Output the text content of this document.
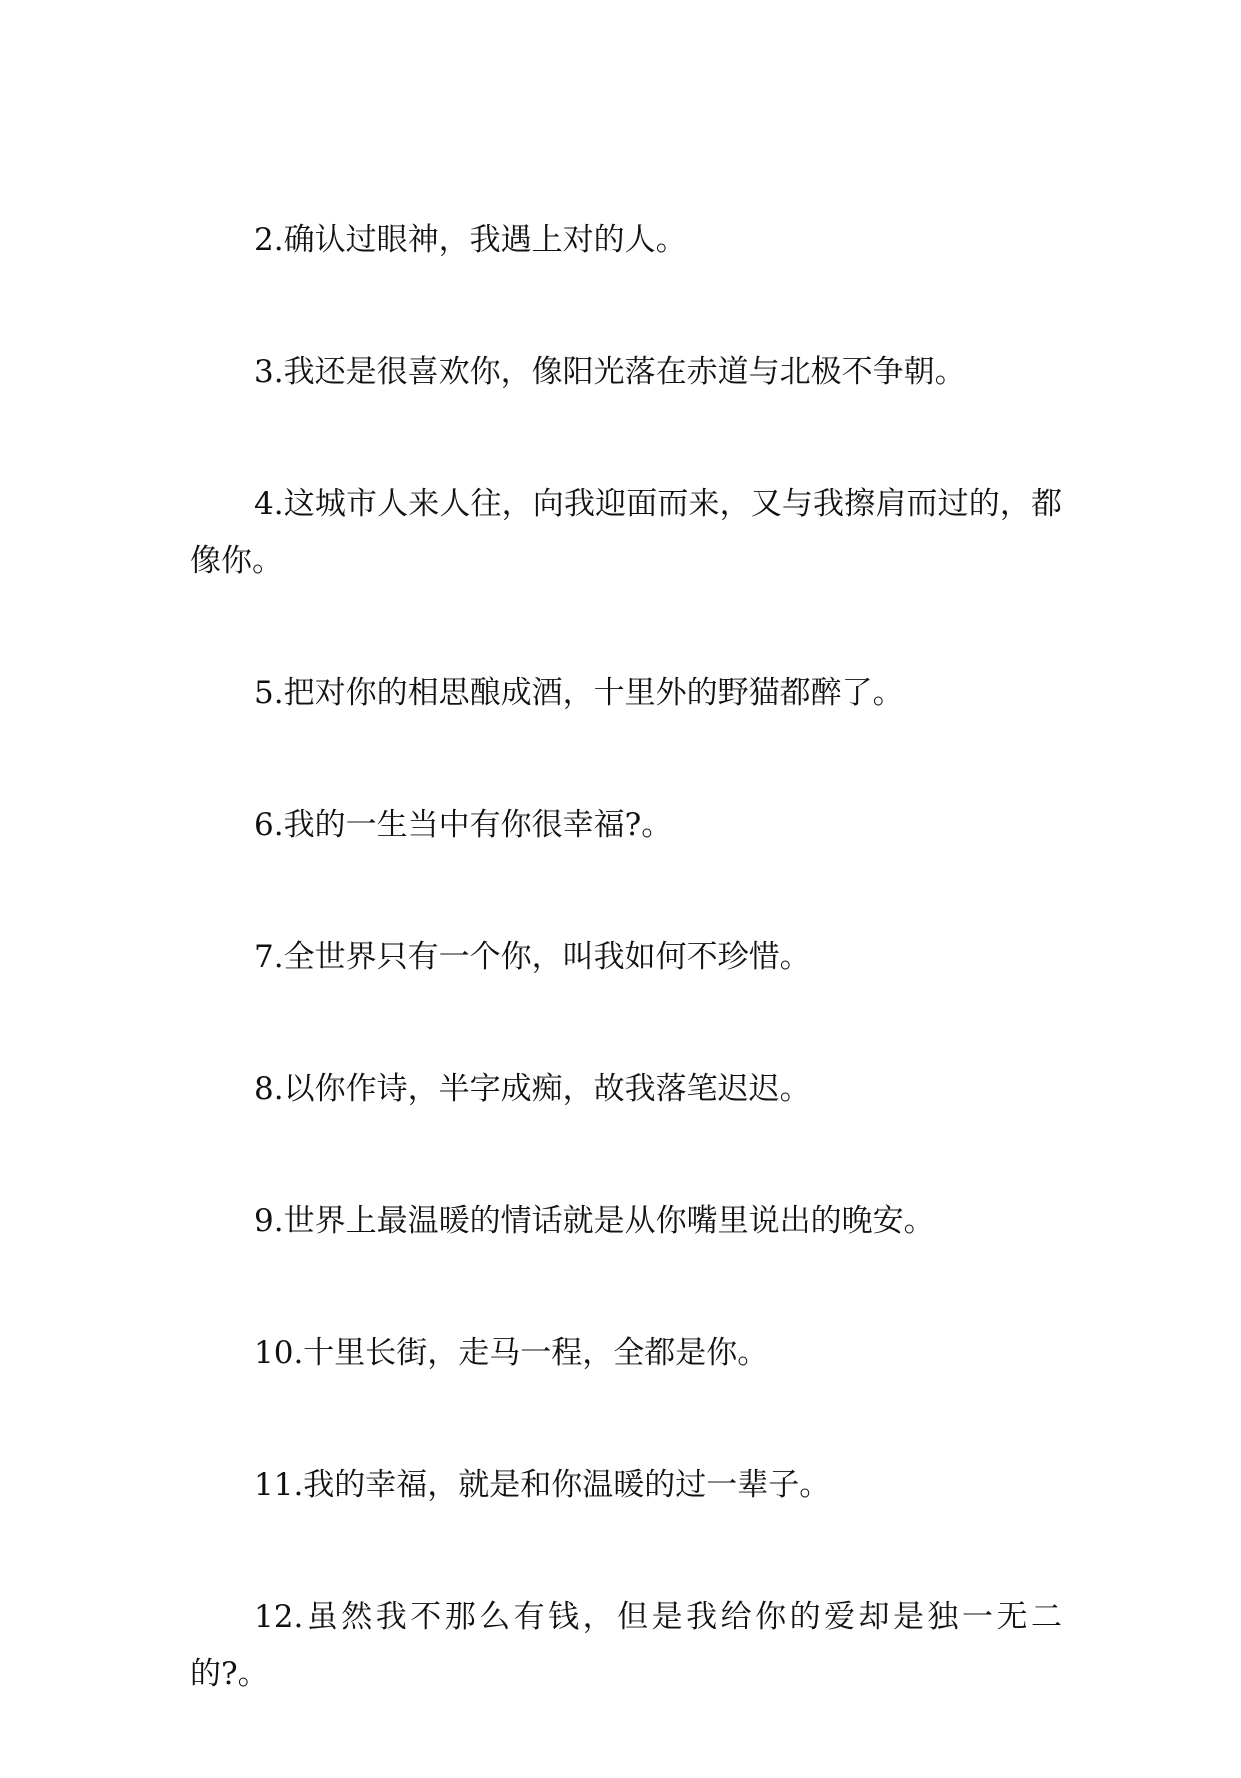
2.确认过眼神，我遇上对的人。

3.我还是很喜欢你，像阳光落在赤道与北极不争朝。

4.这城市人来人往，向我迎面而来，又与我擦肩而过的，都像你。

5.把对你的相思酿成酒，十里外的野猫都醉了。

6.我的一生当中有你很幸福?。

7.全世界只有一个你，叫我如何不珍惜。

8.以你作诗，半字成痴，故我落笔迟迟。

9.世界上最温暖的情话就是从你嘴里说出的晚安。

10.十里长街，走马一程，全都是你。

11.我的幸福，就是和你温暖的过一辈子。

12.虽然我不那么有钱，但是我给你的爱却是独一无二的?。
